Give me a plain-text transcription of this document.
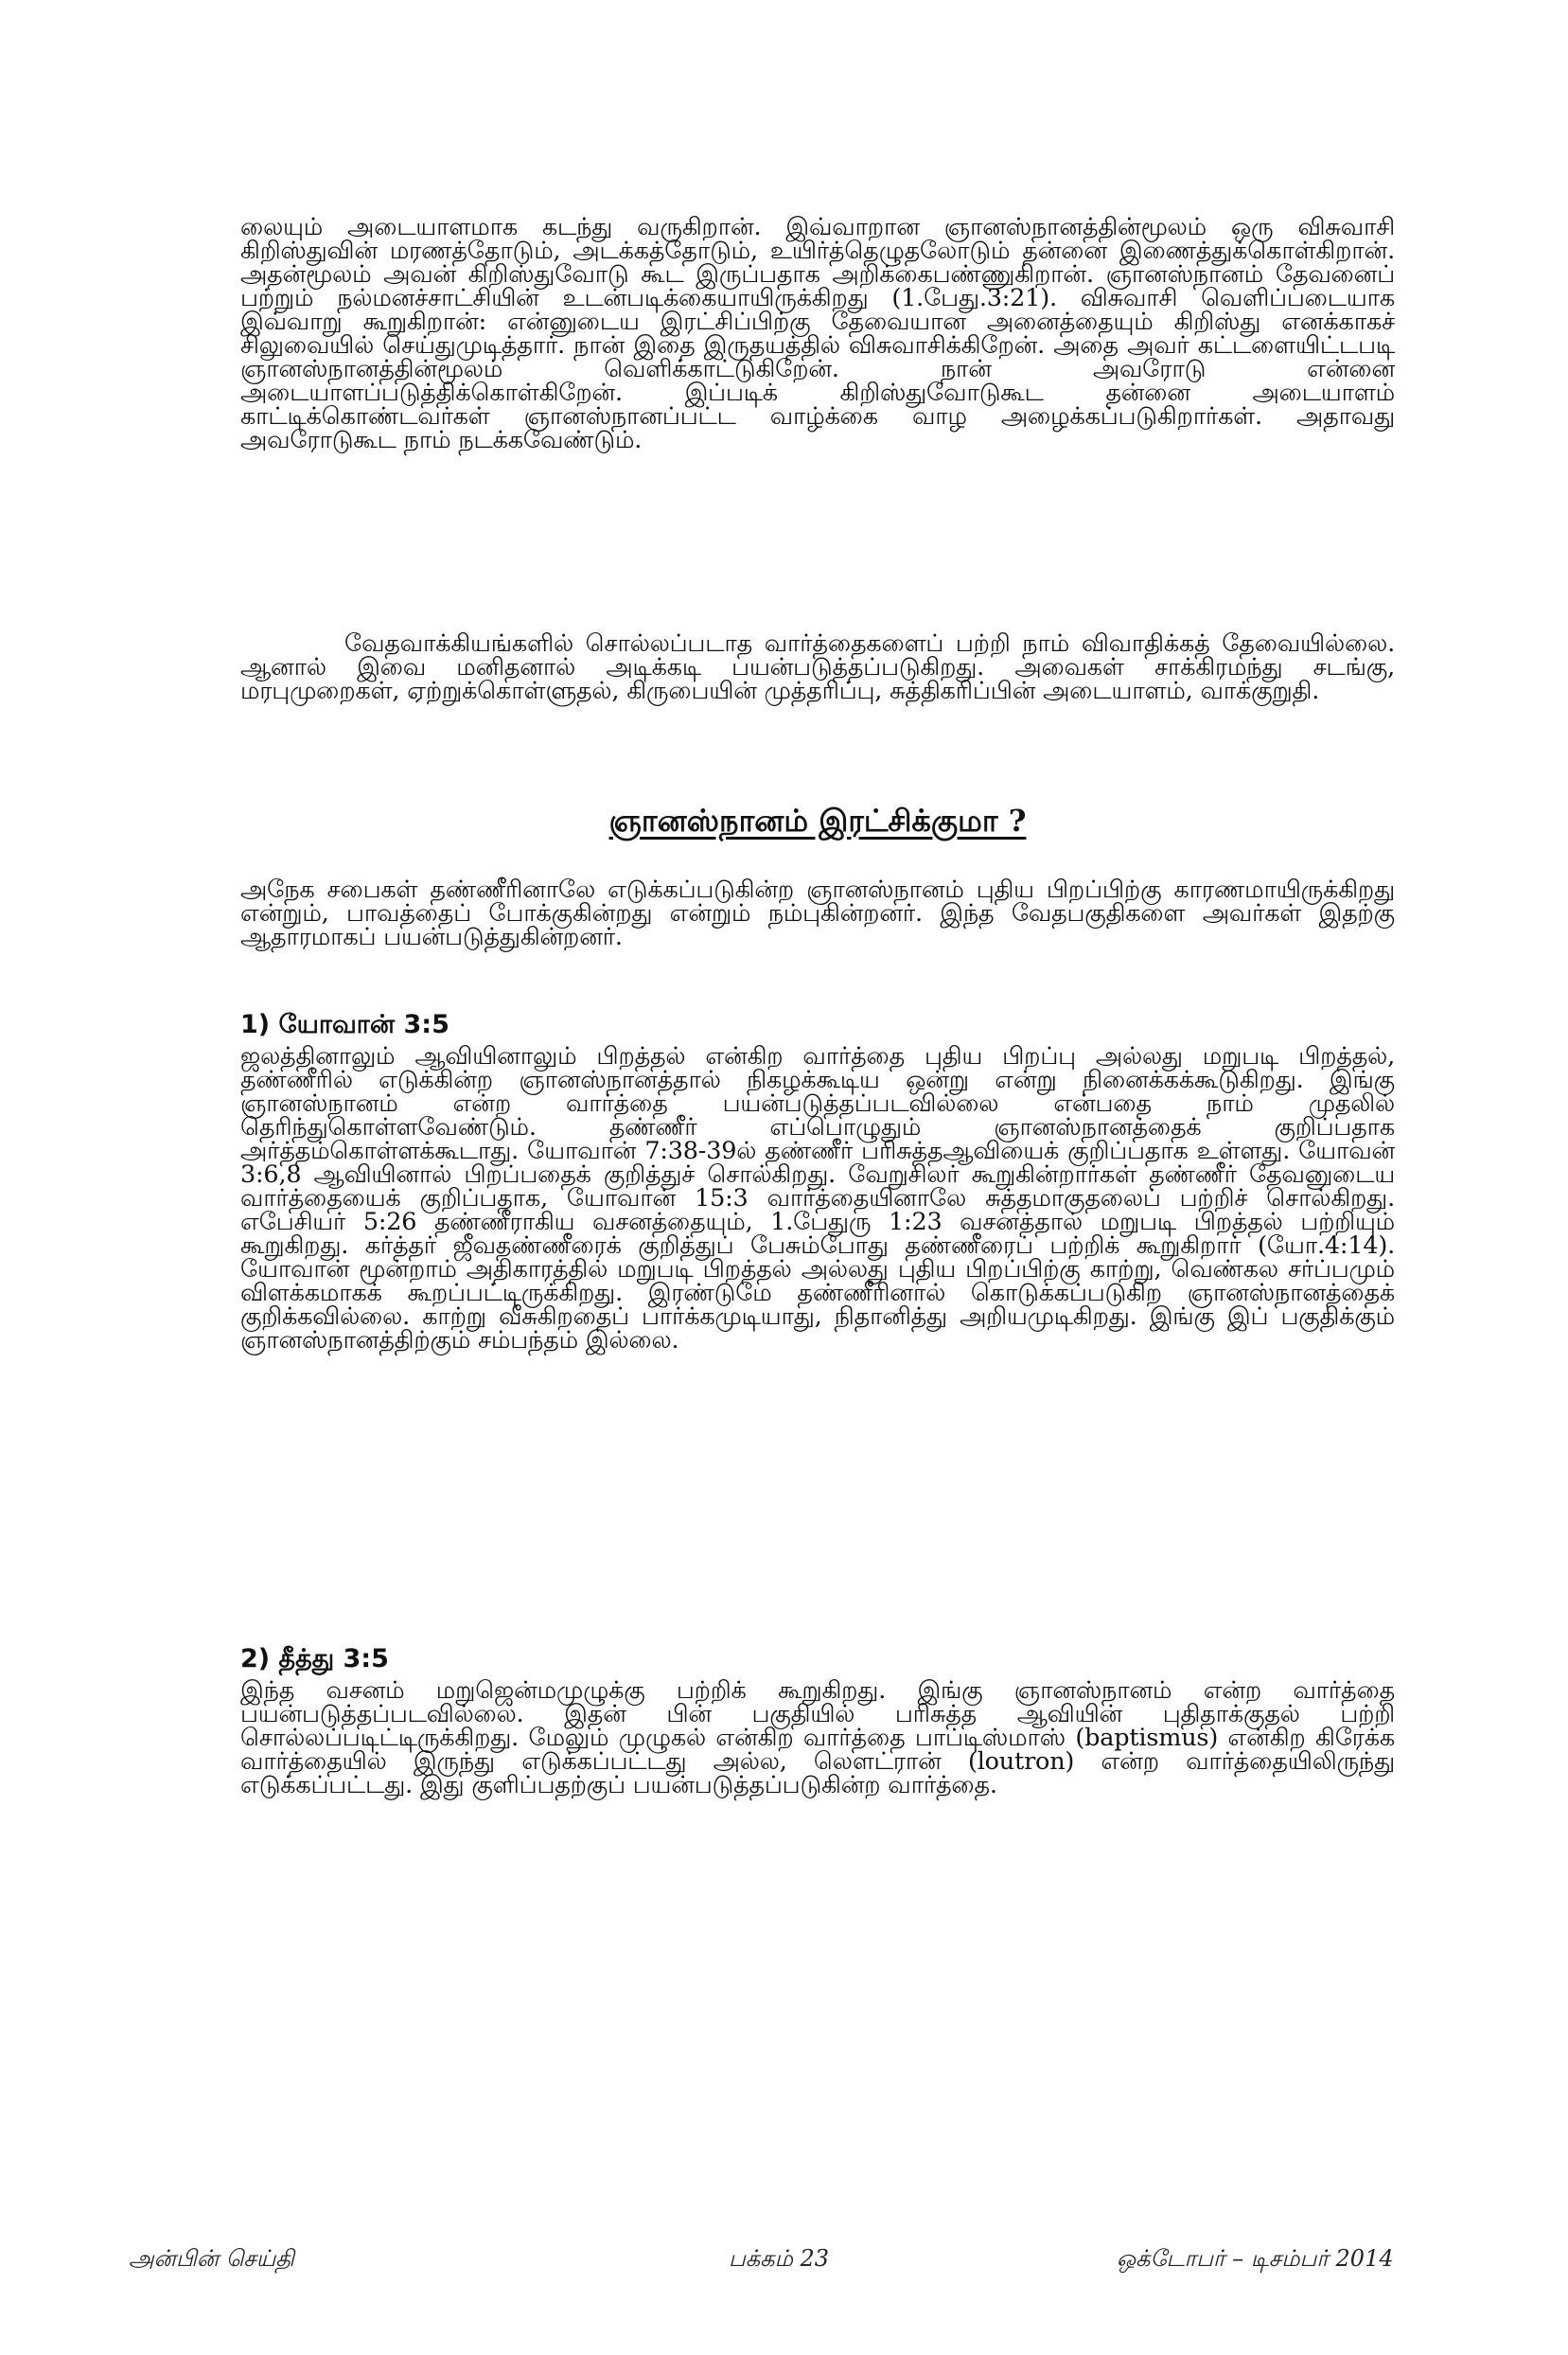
லையும் அடையாளமாக கடந்து வருகிறான். இவ்வாறான ஞானஸ்நானத்தின்மூலம் ஒரு விசுவாசி கிறிஸ்துவின் மரணத்தோடும், அடக்கத்தோடும், உயிர்த்தெழுதலோடும் தன்னை இணைத்துக்கொள்கிறான். அதன்மூலம் அவன் கிறிஸ்துவோடு கூட இருப்பதாக அறிக்கைபண்ணுகிறான். ஞானஸ்நானம் தேவனைப் பற்றும் நல்மனச்சாட்சியின் உடன்படிக்கையாயிருக்கிறது (1.பேது.3:21). விசுவாசி வெளிப்படையாக இவ்வாறு கூறுகிறான்: என்னுடைய இரட்சிப்பிற்கு தேவையான அனைத்தையும் கிறிஸ்து எனக்காகச் சிலுவையில் செய்துமுடித்தார். நான் இதை இருதயத்தில் விசுவாசிக்கிறேன். அதை அவர் கட்டளையிட்டபடி ஞானஸ்நானத்தின்மூலம் வெளிக்காட்டுகிறேன். நான் அவரோடு என்னை அடையாளப்படுத்திக்கொள்கிறேன். இப்படிக் கிறிஸ்துவோடுகூட தன்னை அடையாளம் காட்டிக்கொண்டவர்கள் ஞானஸ்நானப்பட்ட வாழ்க்கை வாழ அழைக்கப்படுகிறார்கள். அதாவது அவரோடுகூட நாம் நடக்கவேண்டும்.

வேதவாக்கியங்களில் சொல்லப்படாத வார்த்தைகளைப் பற்றி நாம் விவாதிக்கத் தேவையில்லை. ஆனால் இவை மனிதனால் அடிக்கடி பயன்படுத்தப்படுகிறது. அவைகள் சாக்கிரமந்து சடங்கு, மரபுமுறைகள், ஏற்றுக்கொள்ளுதல், கிருபையின் முத்தரிப்பு, சுத்திகரிப்பின் அடையாளம், வாக்குறுதி.

ஞானஸ்நானம் இரட்சிக்குமா ?

அநேக சபைகள் தண்ணீரினாலே எடுக்கப்படுகின்ற ஞானஸ்நானம் புதிய பிறப்பிற்கு காரணமாயிருக்கிறது என்றும், பாவத்தைப் போக்குகின்றது என்றும் நம்புகின்றனர். இந்த வேதபகுதிகளை அவர்கள் இதற்கு ஆதாரமாகப் பயன்படுத்துகின்றனர்.

1) யோவான் 3:5

ஜலத்தினாலும் ஆவியினாலும் பிறத்தல் என்கிற வார்த்தை புதிய பிறப்பு அல்லது மறுபடி பிறத்தல், தண்ணீரில் எடுக்கின்ற ஞானஸ்நானத்தால் நிகழக்கூடிய ஒன்று என்று நினைக்கக்கூடுகிறது. இங்கு ஞானஸ்நானம் என்ற வார்த்தை பயன்படுத்தப்படவில்லை என்பதை நாம் முதலில் தெரிந்துகொள்ளவேண்டும். தண்ணீர் எப்பொழுதும் ஞானஸ்நானத்தைக் குறிப்பதாக அர்த்தம்கொள்ளக்கூடாது. யோவான் 7:38-39ல் தண்ணீர் பரிசுத்தஆவியைக் குறிப்பதாக உள்ளது. யோவன் 3:6,8 ஆவியினால் பிறப்பதைக் குறித்துச் சொல்கிறது. வேறுசிலர் கூறுகின்றார்கள் தண்ணீர் தேவனுடைய வார்த்தையைக் குறிப்பதாக, யோவான் 15:3 வார்த்தையினாலே சுத்தமாகுதலைப் பற்றிச் சொல்கிறது. எபேசியர் 5:26 தண்ணீராகிய வசனத்தையும், 1.பேதுரு 1:23 வசனத்தால் மறுபடி பிறத்தல் பற்றியும் கூறுகிறது. கர்த்தர் ஜீவதண்ணீரைக் குறித்துப் பேசும்போது தண்ணீரைப் பற்றிக் கூறுகிறார் (யோ.4:14). யோவான் மூன்றாம் அதிகாரத்தில் மறுபடி பிறத்தல் அல்லது புதிய பிறப்பிற்கு காற்று, வெண்கல சர்ப்பமும் விளக்கமாகக் கூறப்பட்டிருக்கிறது. இரண்டுமே தண்ணீரினால் கொடுக்கப்படுகிற ஞானஸ்நானத்தைக் குறிக்கவில்லை. காற்று வீசுகிறதைப் பார்க்கமுடியாது, நிதானித்து அறியமுடிகிறது. இங்கு இப் பகுதிக்கும் ஞானஸ்நானத்திற்கும் சம்பந்தம் இல்லை.

2) தீத்து 3:5

இந்த வசனம் மறுஜென்மமுழுக்கு பற்றிக் கூறுகிறது. இங்கு ஞானஸ்நானம் என்ற வார்த்தை பயன்படுத்தப்படவில்லை. இதன் பின் பகுதியில் பரிசுத்த ஆவியின் புதிதாக்குதல் பற்றி சொல்லப்படிட்டிருக்கிறது. மேலும் முழுகல் என்கிற வார்த்தை பாப்டிஸ்மாஸ் (baptismus) என்கிற கிரேக்க வார்த்தையில் இருந்து எடுக்கப்பட்டது அல்ல, லௌட்ரான் (loutron) என்ற வார்த்தையிலிருந்து எடுக்கப்பட்டது. இது குளிப்பதற்குப் பயன்படுத்தப்படுகின்ற வார்த்தை.

அன்பின் செய்தி	பக்கம் 23	ஒக்டோபர் – டிசம்பர் 2014
